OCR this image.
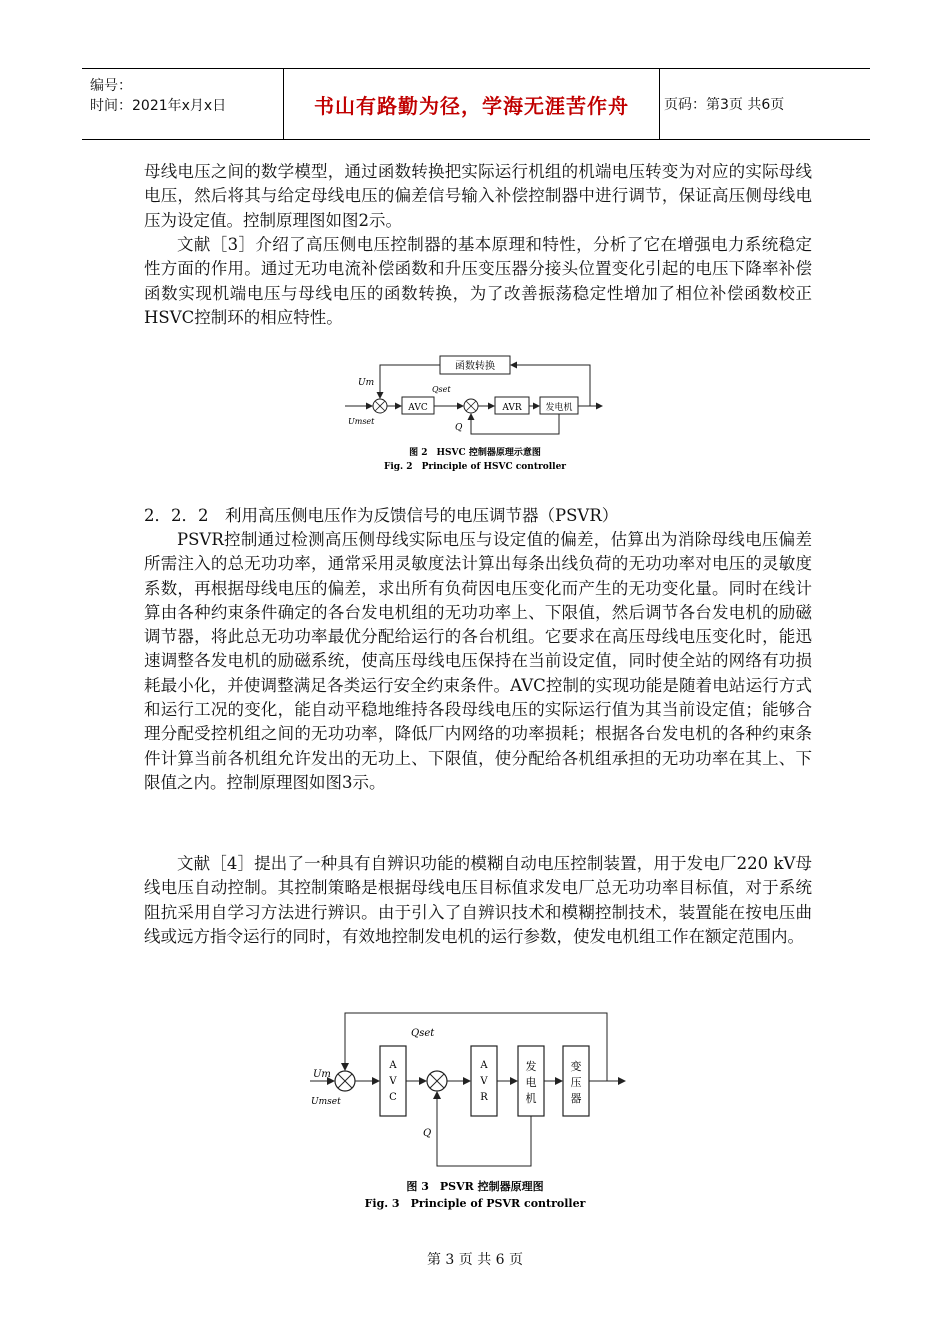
编号：
时间：2021年x月x日	书山有路勤为径，学海无涯苦作舟	页码：第3页 共6页

母线电压之间的数学模型，通过函数转换把实际运行机组的机端电压转变为对应的实际母线电压，然后将其与给定母线电压的偏差信号输入补偿控制器中进行调节，保证高压侧母线电压为设定值。控制原理图如图2示。

文献［3］介绍了高压侧电压控制器的基本原理和特性，分析了它在增强电力系统稳定性方面的作用。通过无功电流补偿函数和升压变压器分接头位置变化引起的电压下降率补偿函数实现机端电压与母线电压的函数转换，为了改善振荡稳定性增加了相位补偿函数校正HSVC控制环的相应特性。

函数转换
AVC	AVR	发电机
Um
Umset
Qset
Q
图 2　HSVC 控制器原理示意图
Fig. 2　Principle of HSVC controller

2．2．2　利用高压侧电压作为反馈信号的电压调节器（PSVR）

PSVR控制通过检测高压侧母线实际电压与设定值的偏差，估算出为消除母线电压偏差所需注入的总无功功率，通常采用灵敏度法计算出每条出线负荷的无功功率对电压的灵敏度系数，再根据母线电压的偏差，求出所有负荷因电压变化而产生的无功变化量。同时在线计算由各种约束条件确定的各台发电机组的无功功率上、下限值，然后调节各台发电机的励磁调节器，将此总无功功率最优分配给运行的各台机组。它要求在高压母线电压变化时，能迅速调整各发电机的励磁系统，使高压母线电压保持在当前设定值，同时使全站的网络有功损耗最小化，并使调整满足各类运行安全约束条件。AVC控制的实现功能是随着电站运行方式和运行工况的变化，能自动平稳地维持各段母线电压的实际运行值为其当前设定值；能够合理分配受控机组之间的无功功率，降低厂内网络的功率损耗；根据各台发电机的各种约束条件计算当前各机组允许发出的无功上、下限值，使分配给各机组承担的无功功率在其上、下限值之内。控制原理图如图3示。

文献［4］提出了一种具有自辨识功能的模糊自动电压控制装置，用于发电厂220 kV母线电压自动控制。其控制策略是根据母线电压目标值求发电厂总无功功率目标值，对于系统阻抗采用自学习方法进行辨识。由于引入了自辨识技术和模糊控制技术，装置能在按电压曲线或远方指令运行的同时，有效地控制发电机的运行参数，使发电机组工作在额定范围内。

A
V
C
A
V
R
发
电
机
变
压
器
Um
Umset
Qset
Q
图 3　PSVR 控制器原理图
Fig. 3　Principle of PSVR controller
第 3 页 共 6 页
